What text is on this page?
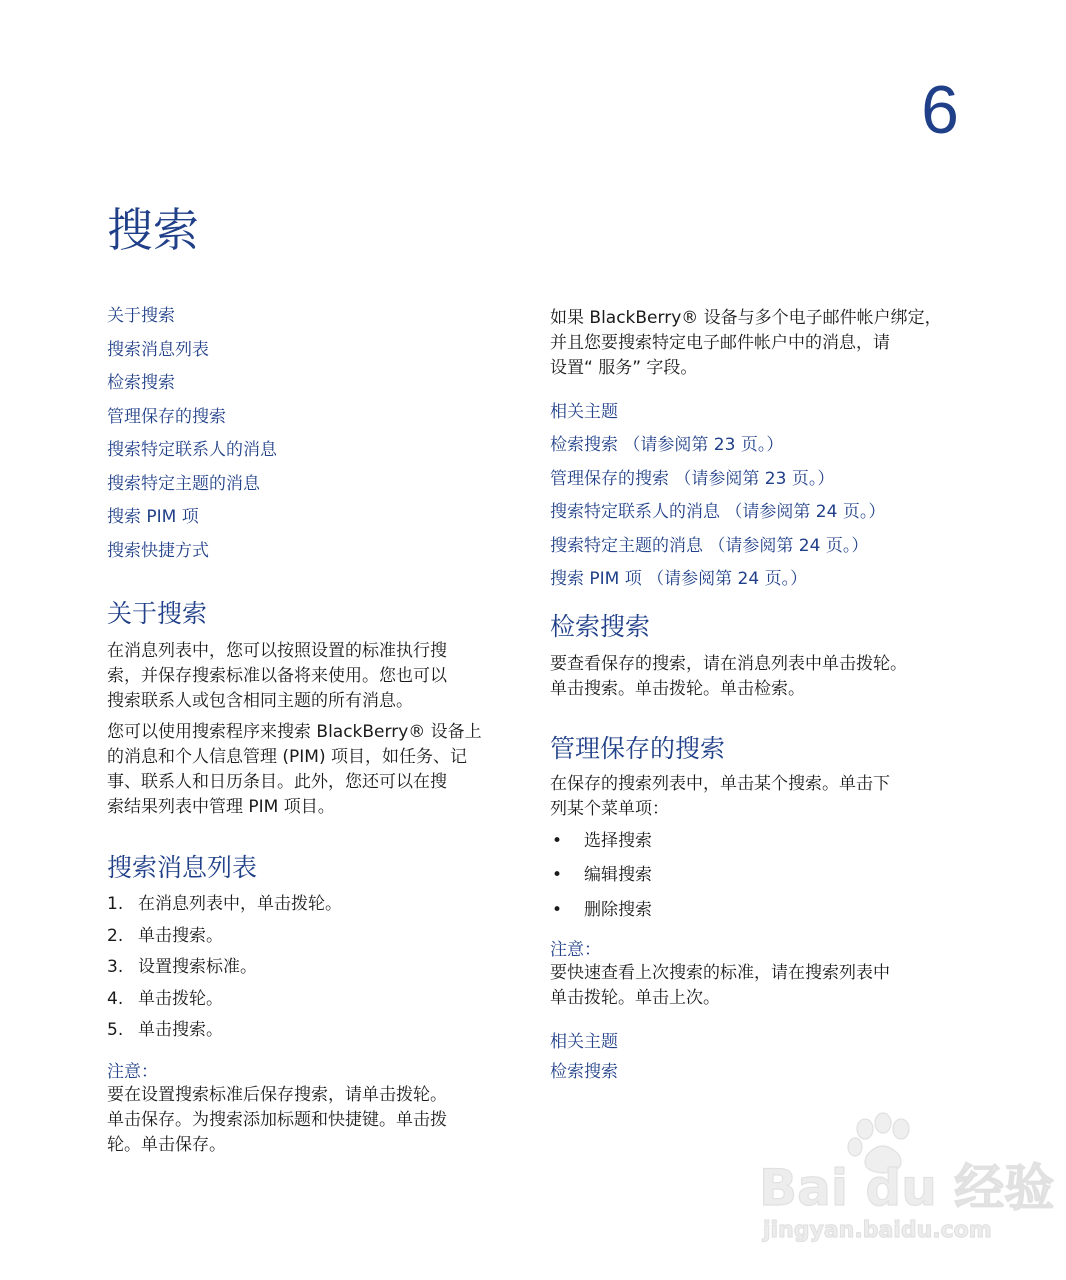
6
搜索
关于搜索
搜索消息列表
检索搜索
管理保存的搜索
搜索特定联系人的消息
搜索特定主题的消息
搜索 PIM 项
搜索快捷方式
关于搜索

在消息列表中，您可以按照设置的标准执行搜
索，并保存搜索标准以备将来使用。您也可以
搜索联系人或包含相同主题的所有消息。

您可以使用搜索程序来搜索 BlackBerry® 设备上
的消息和个人信息管理 (PIM) 项目，如任务、记
事、联系人和日历条目。此外，您还可以在搜
索结果列表中管理 PIM 项目。

搜索消息列表
1. 在消息列表中，单击拨轮。
2. 单击搜索。
3. 设置搜索标准。
4. 单击拨轮。
5. 单击搜索。
注意：

要在设置搜索标准后保存搜索，请单击拨轮。
单击保存。为搜索添加标题和快捷键。单击拨
轮。单击保存。

如果 BlackBerry® 设备与多个电子邮件帐户绑定，
并且您要搜索特定电子邮件帐户中的消息，请
设置“ 服务” 字段。

相关主题
检索搜索 （请参阅第 23 页。）
管理保存的搜索 （请参阅第 23 页。）
搜索特定联系人的消息 （请参阅第 24 页。）
搜索特定主题的消息 （请参阅第 24 页。）
搜索 PIM 项 （请参阅第 24 页。）
检索搜索

要查看保存的搜索，请在消息列表中单击拨轮。
单击搜索。单击拨轮。单击检索。

管理保存的搜索

在保存的搜索列表中，单击某个搜索。单击下
列某个菜单项：

•	选择搜索
•	编辑搜索
•	删除搜索
注意：

要快速查看上次搜索的标准，请在搜索列表中
单击拨轮。单击上次。

相关主题
检索搜索
Bai du 经验
jingyan.baidu.com
